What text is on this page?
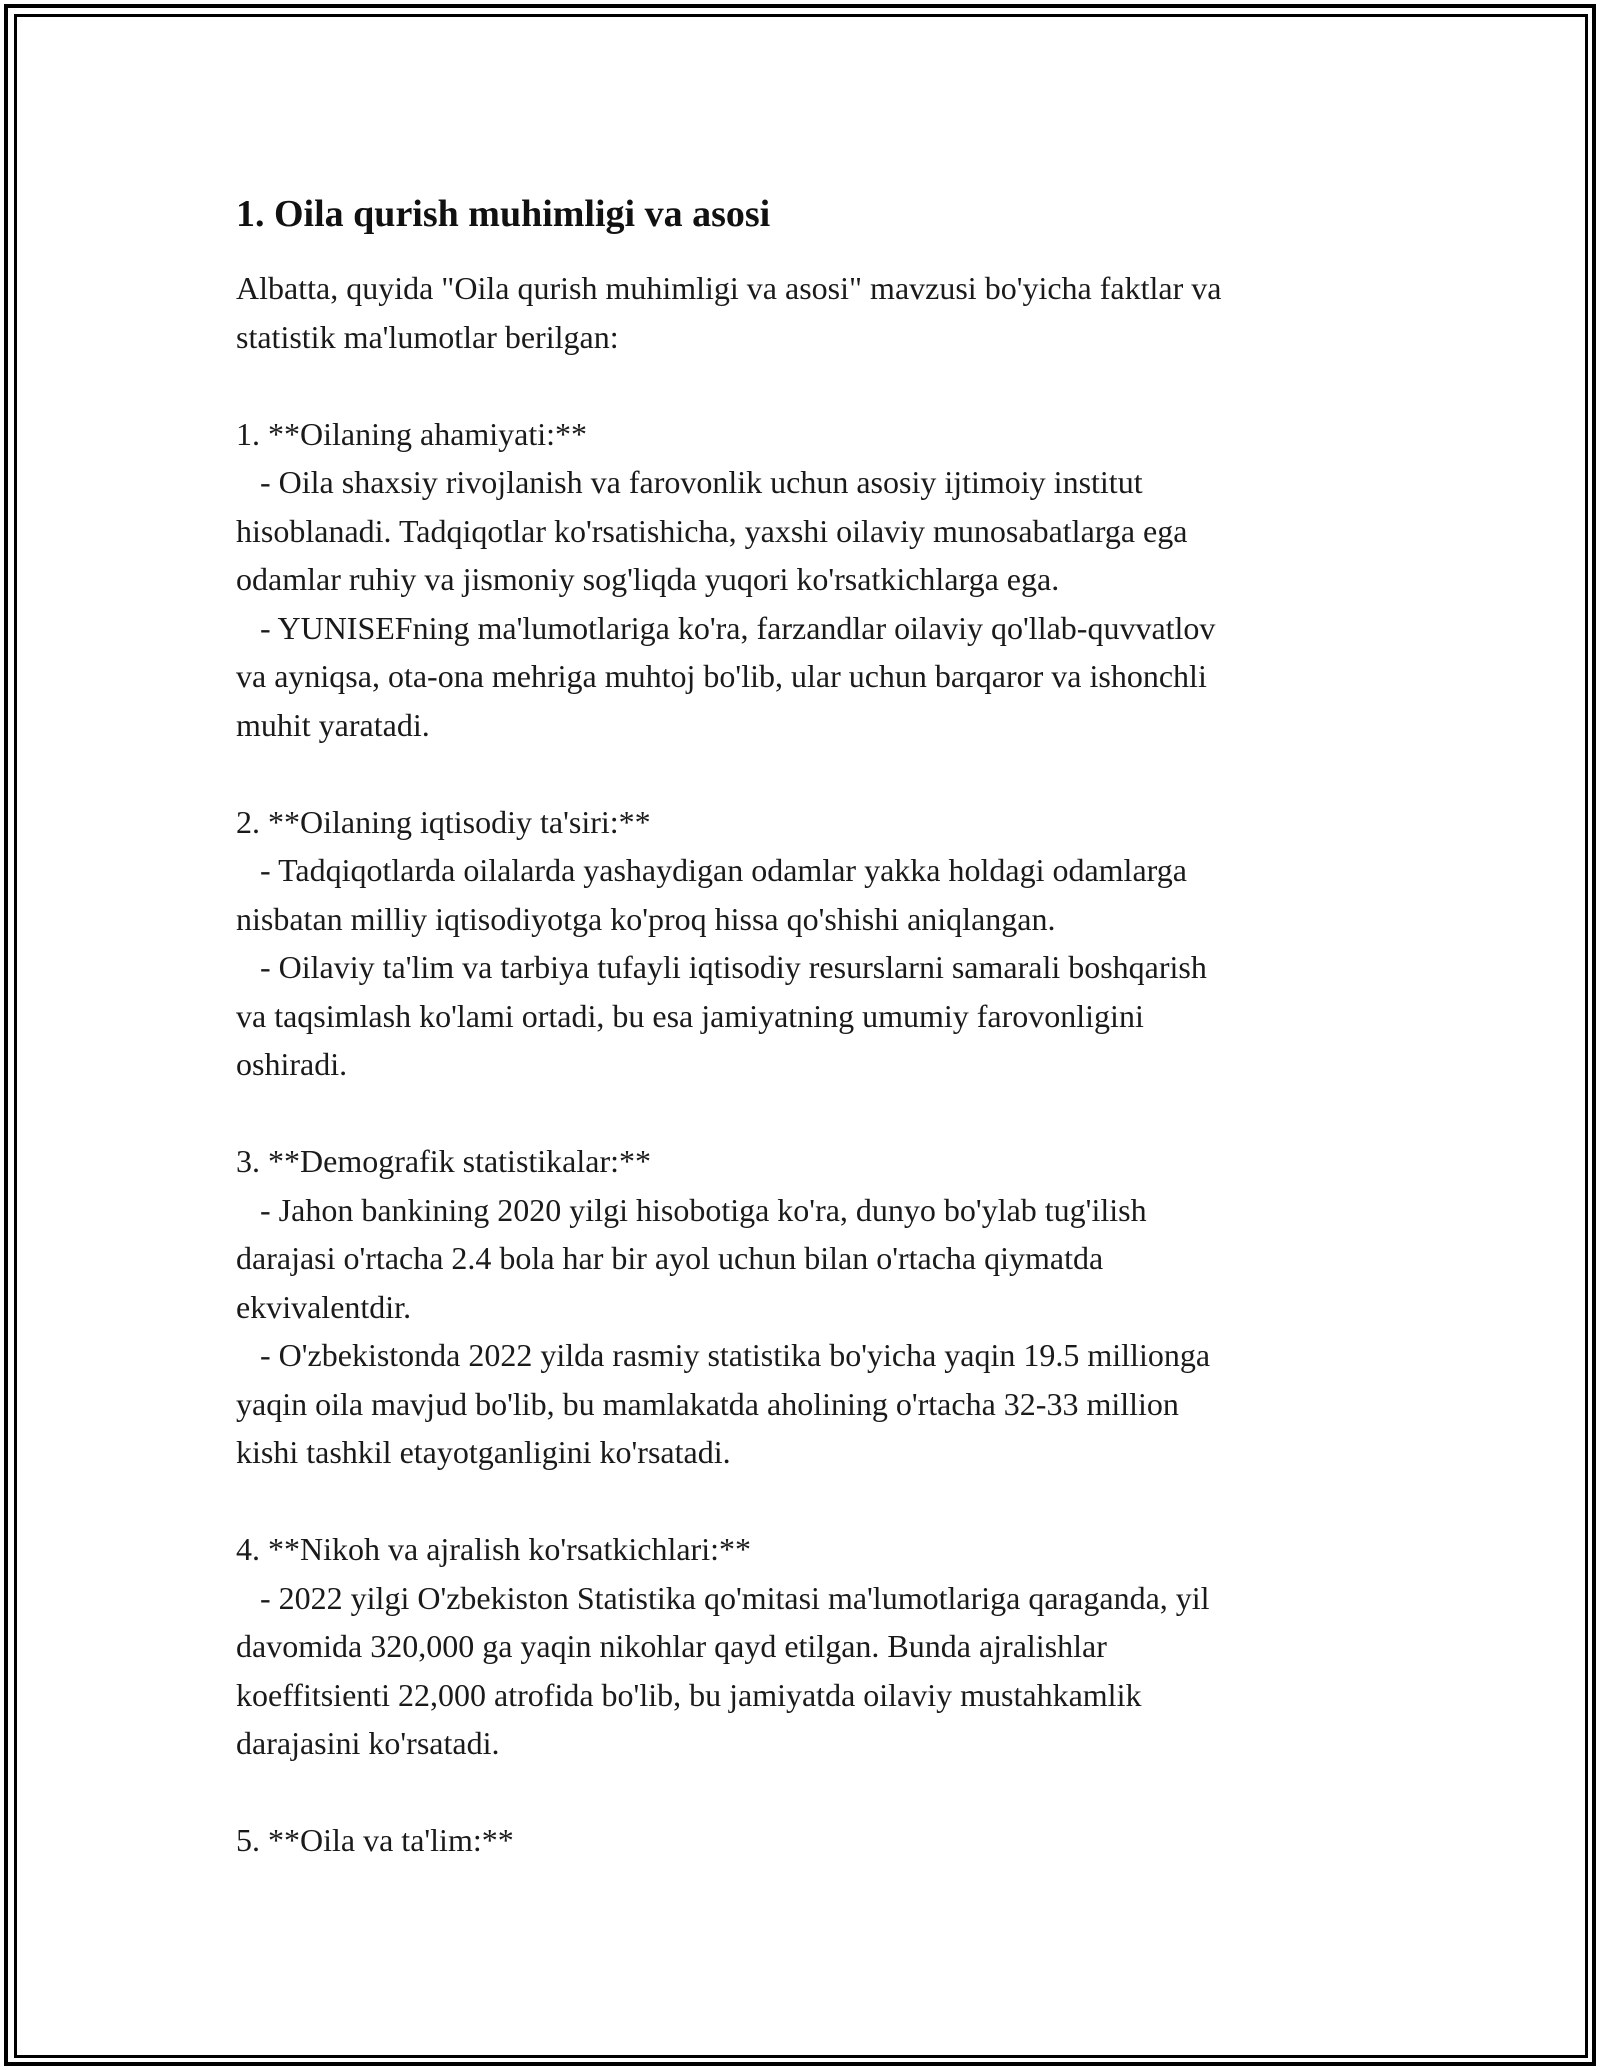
1. Oila qurish muhimligi va asosi

Albatta, quyida "Oila qurish muhimligi va asosi" mavzusi bo'yicha faktlar va
statistik ma'lumotlar berilgan:

1. **Oilaning ahamiyati:**

- Oila shaxsiy rivojlanish va farovonlik uchun asosiy ijtimoiy institut
hisoblanadi. Tadqiqotlar ko'rsatishicha, yaxshi oilaviy munosabatlarga ega
odamlar ruhiy va jismoniy sog'liqda yuqori ko'rsatkichlarga ega.

- YUNISEFning ma'lumotlariga ko'ra, farzandlar oilaviy qo'llab-quvvatlov
va ayniqsa, ota-ona mehriga muhtoj bo'lib, ular uchun barqaror va ishonchli
muhit yaratadi.

2. **Oilaning iqtisodiy ta'siri:**

- Tadqiqotlarda oilalarda yashaydigan odamlar yakka holdagi odamlarga
nisbatan milliy iqtisodiyotga ko'proq hissa qo'shishi aniqlangan.

- Oilaviy ta'lim va tarbiya tufayli iqtisodiy resurslarni samarali boshqarish
va taqsimlash ko'lami ortadi, bu esa jamiyatning umumiy farovonligini
oshiradi.

3. **Demografik statistikalar:**

- Jahon bankining 2020 yilgi hisobotiga ko'ra, dunyo bo'ylab tug'ilish
darajasi o'rtacha 2.4 bola har bir ayol uchun bilan o'rtacha qiymatda
ekvivalentdir.

- O'zbekistonda 2022 yilda rasmiy statistika bo'yicha yaqin 19.5 millionga
yaqin oila mavjud bo'lib, bu mamlakatda aholining o'rtacha 32-33 million
kishi tashkil etayotganligini ko'rsatadi.

4. **Nikoh va ajralish ko'rsatkichlari:**

- 2022 yilgi O'zbekiston Statistika qo'mitasi ma'lumotlariga qaraganda, yil
davomida 320,000 ga yaqin nikohlar qayd etilgan. Bunda ajralishlar
koeffitsienti 22,000 atrofida bo'lib, bu jamiyatda oilaviy mustahkamlik
darajasini ko'rsatadi.

5. **Oila va ta'lim:**
